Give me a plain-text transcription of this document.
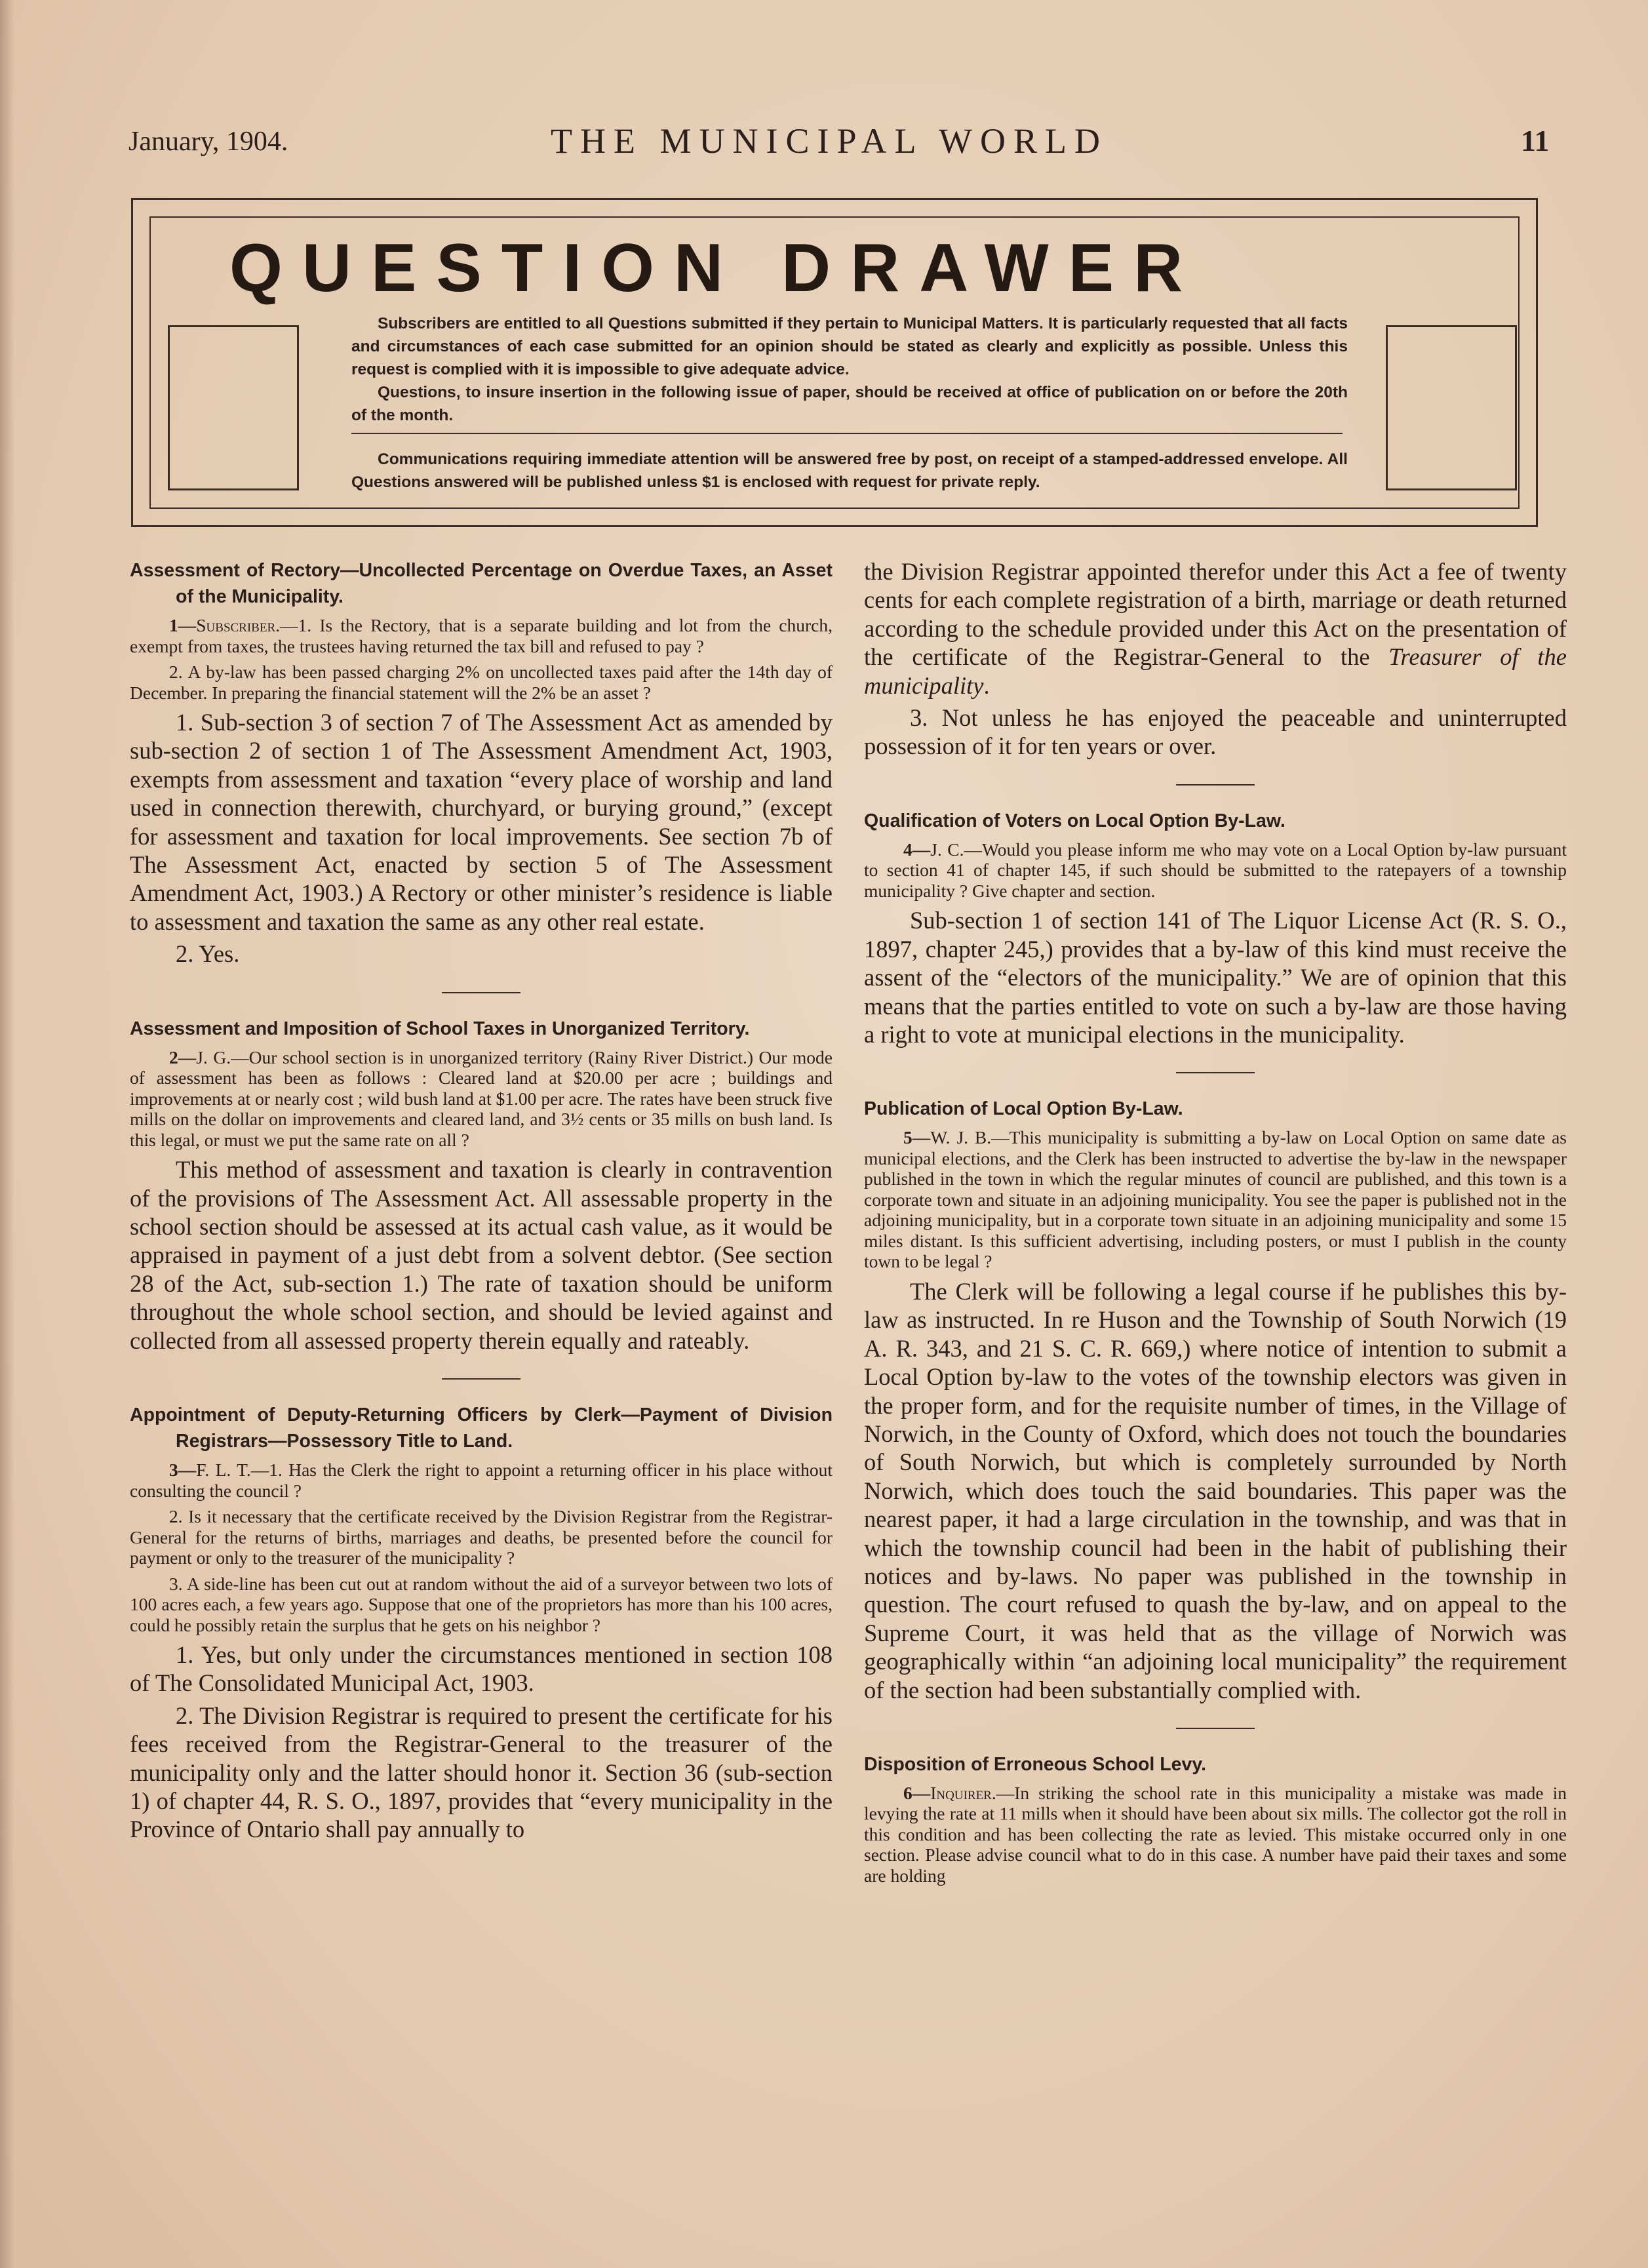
January, 1904.	THE MUNICIPAL WORLD	11
QUESTION DRAWER
Subscribers are entitled to all Questions submitted if they pertain to Municipal Matters. It is particularly requested that all facts and circumstances of each case submitted for an opinion should be stated as clearly and explicitly as possible. Unless this request is complied with it is impossible to give adequate advice.
Questions, to insure insertion in the following issue of paper, should be received at office of publication on or before the 20th of the month.
Communications requiring immediate attention will be answered free by post, on receipt of a stamped-addressed envelope. All Questions answered will be published unless $1 is enclosed with request for private reply.
Assessment of Rectory—Uncollected Percentage on Overdue Taxes, an Asset of the Municipality.

1—Subscriber.—1. Is the Rectory, that is a separate building and lot from the church, exempt from taxes, the trustees having returned the tax bill and refused to pay ?

2. A by-law has been passed charging 2% on uncollected taxes paid after the 14th day of December. In preparing the financial statement will the 2% be an asset ?

1. Sub-section 3 of section 7 of The Assessment Act as amended by sub-section 2 of section 1 of The Assessment Amendment Act, 1903, exempts from assessment and taxation “every place of worship and land used in connection therewith, churchyard, or burying ground,” (except for assessment and taxation for local improvements. See section 7b of The Assessment Act, enacted by section 5 of The Assessment Amendment Act, 1903.) A Rectory or other minister’s residence is liable to assessment and taxation the same as any other real estate.

2. Yes.

Assessment and Imposition of School Taxes in Unorganized Territory.

2—J. G.—Our school section is in unorganized territory (Rainy River District.) Our mode of assessment has been as follows : Cleared land at $20.00 per acre ; buildings and improvements at or nearly cost ; wild bush land at $1.00 per acre. The rates have been struck five mills on the dollar on improvements and cleared land, and 3½ cents or 35 mills on bush land. Is this legal, or must we put the same rate on all ?

This method of assessment and taxation is clearly in contravention of the provisions of The Assessment Act. All assessable property in the school section should be assessed at its actual cash value, as it would be appraised in payment of a just debt from a solvent debtor. (See section 28 of the Act, sub-section 1.) The rate of taxation should be uniform throughout the whole school section, and should be levied against and collected from all assessed property therein equally and rateably.

Appointment of Deputy-Returning Officers by Clerk—Payment of Division Registrars—Possessory Title to Land.

3—F. L. T.—1. Has the Clerk the right to appoint a returning officer in his place without consulting the council ?

2. Is it necessary that the certificate received by the Division Registrar from the Registrar-General for the returns of births, marriages and deaths, be presented before the council for payment or only to the treasurer of the municipality ?

3. A side-line has been cut out at random without the aid of a surveyor between two lots of 100 acres each, a few years ago. Suppose that one of the proprietors has more than his 100 acres, could he possibly retain the surplus that he gets on his neighbor ?

1. Yes, but only under the circumstances mentioned in section 108 of The Consolidated Municipal Act, 1903.

2. The Division Registrar is required to present the certificate for his fees received from the Registrar-General to the treasurer of the municipality only and the latter should honor it. Section 36 (sub-section 1) of chapter 44, R. S. O., 1897, provides that “every municipality in the Province of Ontario shall pay annually to

the Division Registrar appointed therefor under this Act a fee of twenty cents for each complete registration of a birth, marriage or death returned according to the schedule provided under this Act on the presentation of the certificate of the Registrar-General to the Treasurer of the municipality.

3. Not unless he has enjoyed the peaceable and uninterrupted possession of it for ten years or over.

Qualification of Voters on Local Option By-Law.

4—J. C.—Would you please inform me who may vote on a Local Option by-law pursuant to section 41 of chapter 145, if such should be submitted to the ratepayers of a township municipality ? Give chapter and section.

Sub-section 1 of section 141 of The Liquor License Act (R. S. O., 1897, chapter 245,) provides that a by-law of this kind must receive the assent of the “electors of the municipality.” We are of opinion that this means that the parties entitled to vote on such a by-law are those having a right to vote at municipal elections in the municipality.

Publication of Local Option By-Law.

5—W. J. B.—This municipality is submitting a by-law on Local Option on same date as municipal elections, and the Clerk has been instructed to advertise the by-law in the newspaper published in the town in which the regular minutes of council are published, and this town is a corporate town and situate in an adjoining municipality. You see the paper is published not in the adjoining municipality, but in a corporate town situate in an adjoining municipality and some 15 miles distant. Is this sufficient advertising, including posters, or must I publish in the county town to be legal ?

The Clerk will be following a legal course if he publishes this by-law as instructed. In re Huson and the Township of South Norwich (19 A. R. 343, and 21 S. C. R. 669,) where notice of intention to submit a Local Option by-law to the votes of the township electors was given in the proper form, and for the requisite number of times, in the Village of Norwich, in the County of Oxford, which does not touch the boundaries of South Norwich, but which is completely surrounded by North Norwich, which does touch the said boundaries. This paper was the nearest paper, it had a large circulation in the township, and was that in which the township council had been in the habit of publishing their notices and by-laws. No paper was published in the township in question. The court refused to quash the by-law, and on appeal to the Supreme Court, it was held that as the village of Norwich was geographically within “an adjoining local municipality” the requirement of the section had been substantially complied with.

Disposition of Erroneous School Levy.

6—Inquirer.—In striking the school rate in this municipality a mistake was made in levying the rate at 11 mills when it should have been about six mills. The collector got the roll in this condition and has been collecting the rate as levied. This mistake occurred only in one section. Please advise council what to do in this case. A number have paid their taxes and some are holding
